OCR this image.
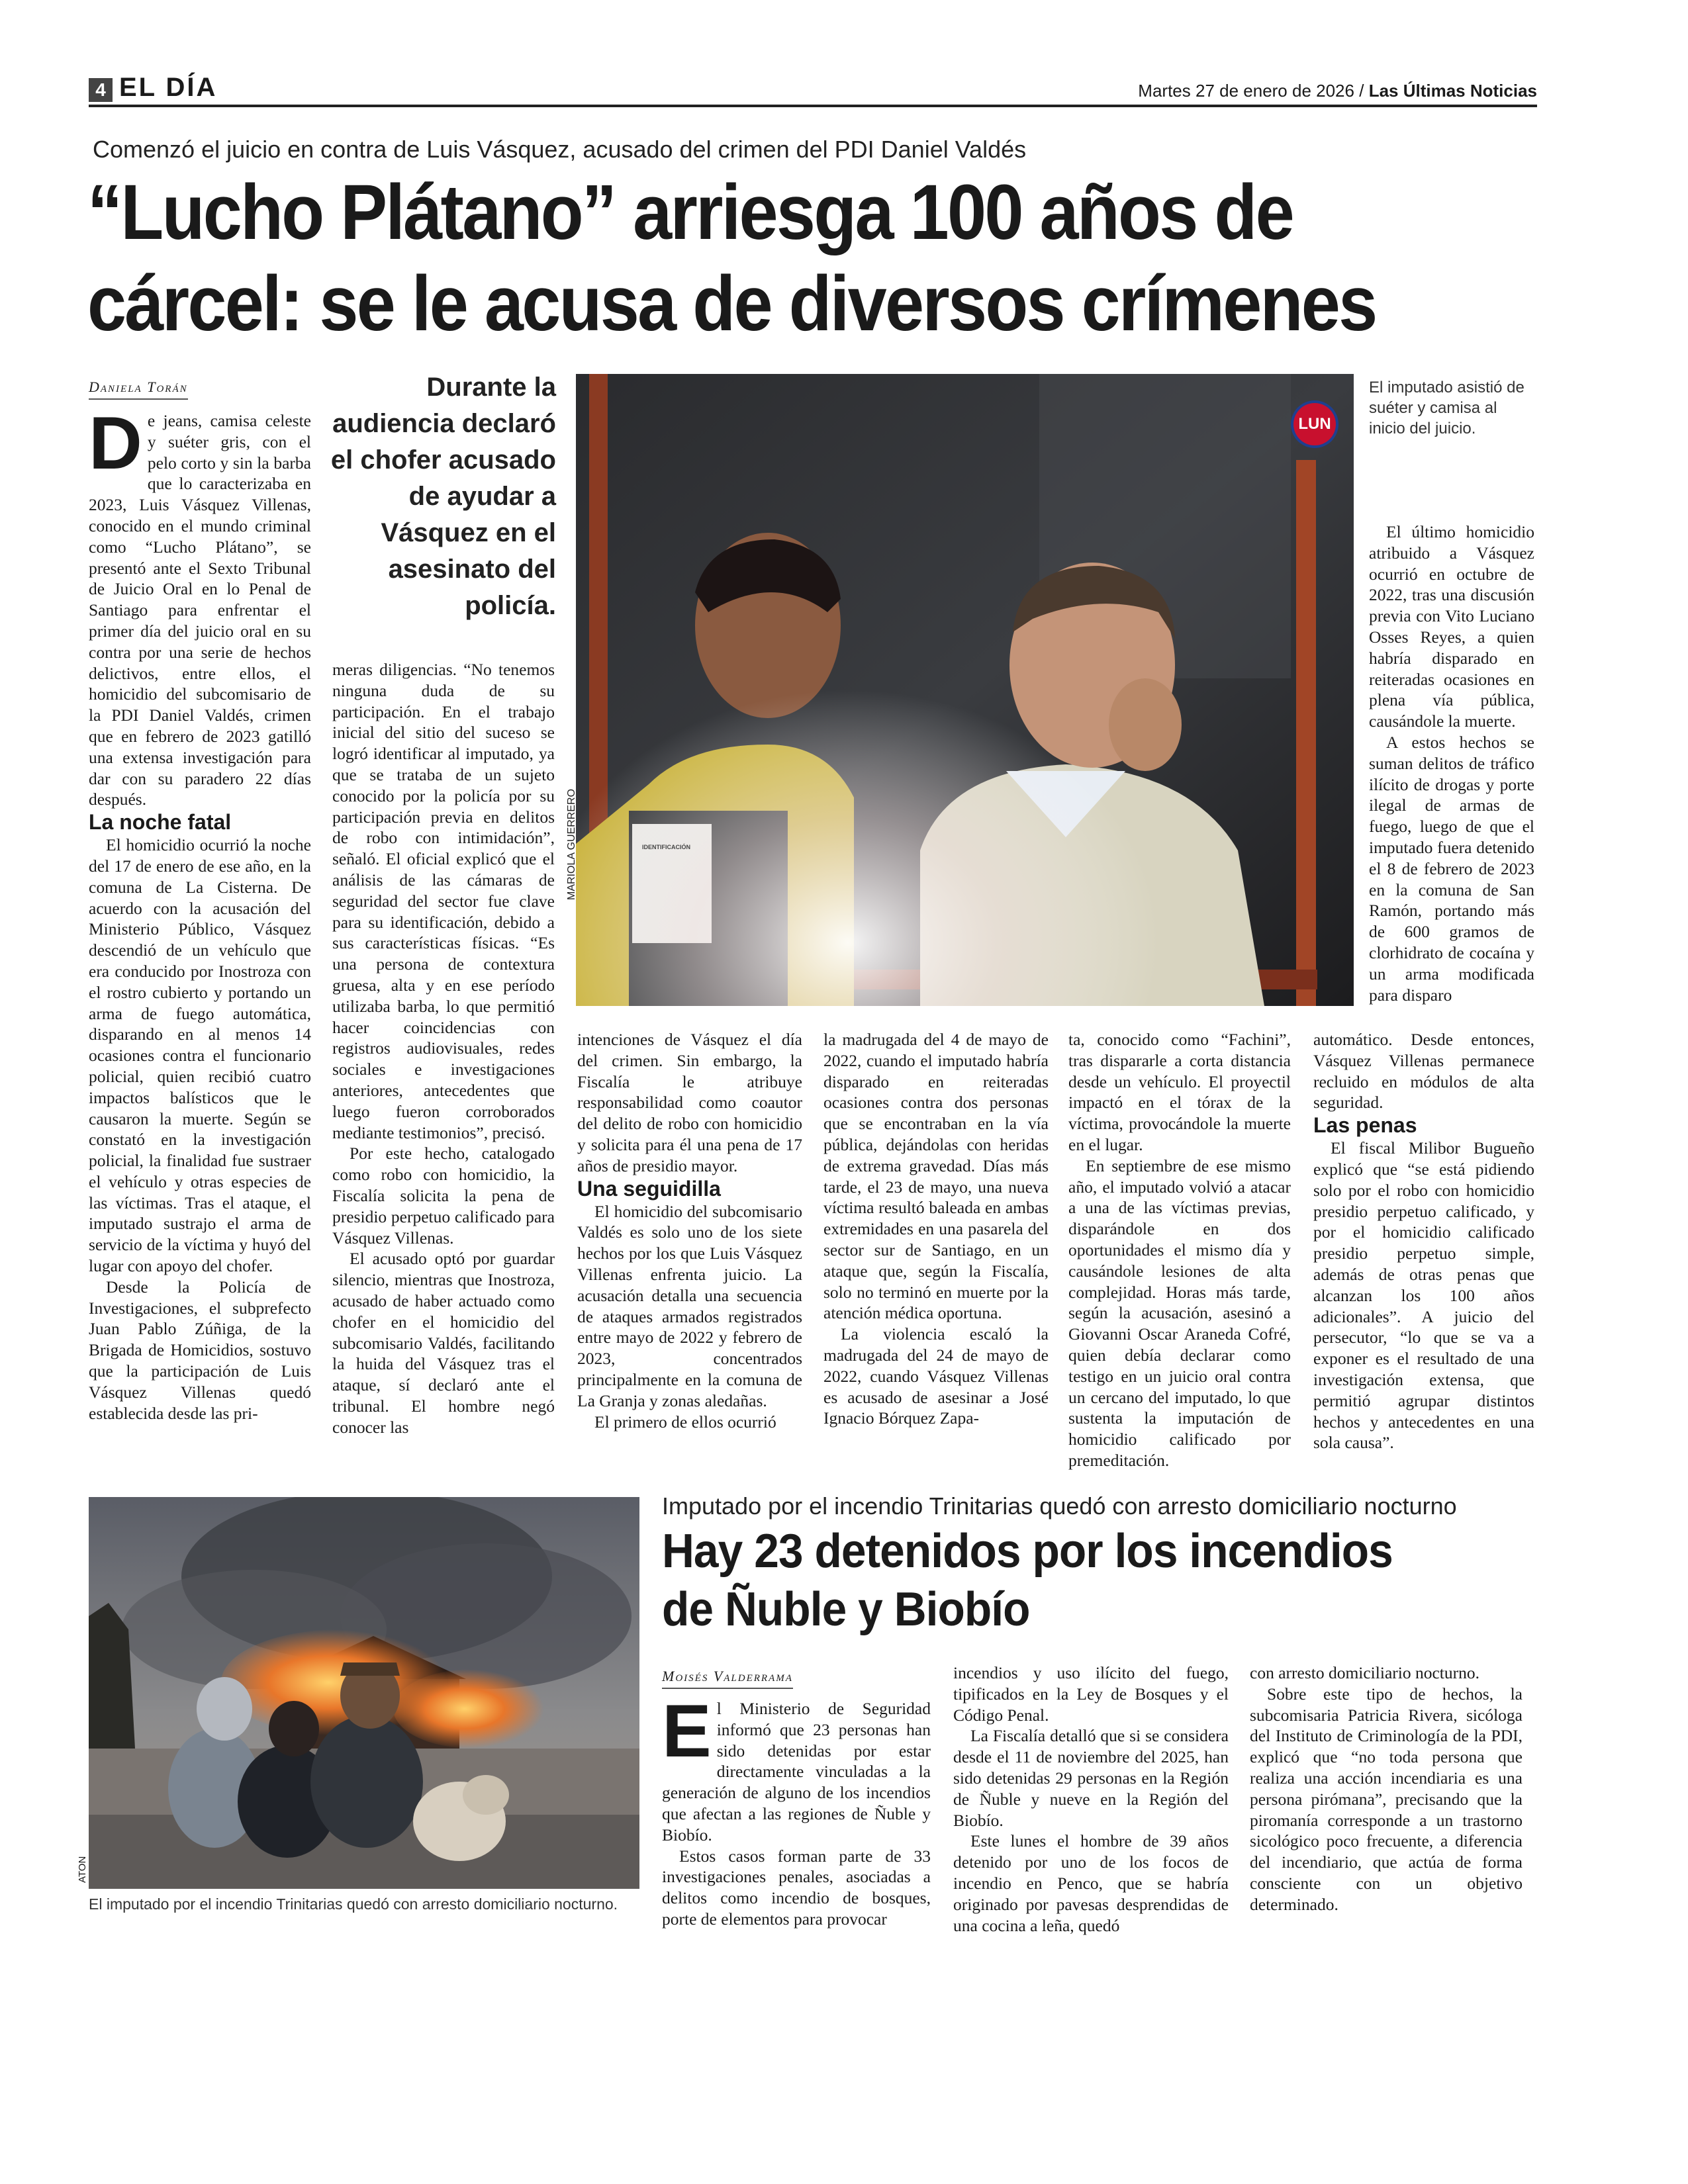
4 EL DÍA	Martes 27 de enero de 2026 / Las Últimas Noticias
Comenzó el juicio en contra de Luis Vásquez, acusado del crimen del PDI Daniel Valdés
“Lucho Plátano” arriesga 100 años de cárcel: se le acusa de diversos crímenes
Daniela Torán
D e jeans, camisa celeste y suéter gris, con el pelo corto y sin la barba que lo caracterizaba en 2023, Luis Vásquez Villenas, conocido en el mundo criminal como “Lucho Plátano”, se presentó ante el Sexto Tribunal de Juicio Oral en lo Penal de Santiago para enfrentar el primer día del juicio oral en su contra por una serie de hechos delictivos, entre ellos, el homicidio del subcomisario de la PDI Daniel Valdés, crimen que en febrero de 2023 gatilló una extensa investigación para dar con su paradero 22 días después.

La noche fatal

El homicidio ocurrió la noche del 17 de enero de ese año, en la comuna de La Cisterna. De acuerdo con la acusación del Ministerio Público, Vásquez descendió de un vehículo que era conducido por Inostroza con el rostro cubierto y portando un arma de fuego automática, disparando en al menos 14 ocasiones contra el funcionario policial, quien recibió cuatro impactos balísticos que le causaron la muerte. Según se constató en la investigación policial, la finalidad fue sustraer el vehículo y otras especies de las víctimas. Tras el ataque, el imputado sustrajo el arma de servicio de la víctima y huyó del lugar con apoyo del chofer.

Desde la Policía de Investigaciones, el subprefecto Juan Pablo Zúñiga, de la Brigada de Homicidios, sostuvo que la participación de Luis Vásquez Villenas quedó establecida desde las pri-

Durante la audiencia declaró el chofer acusado de ayudar a Vásquez en el asesinato del policía.

meras diligencias. “No tenemos ninguna duda de su participación. En el trabajo inicial del sitio del suceso se logró identificar al imputado, ya que se trataba de un sujeto conocido por la policía por su participación previa en delitos de robo con intimidación”, señaló. El oficial explicó que el análisis de las cámaras de seguridad del sector fue clave para su identificación, debido a sus características físicas. “Es una persona de contextura gruesa, alta y en ese período utilizaba barba, lo que permitió hacer coincidencias con registros audiovisuales, redes sociales e investigaciones anteriores, antecedentes que luego fueron corroborados mediante testimonios”, precisó.

Por este hecho, catalogado como robo con homicidio, la Fiscalía solicita la pena de presidio perpetuo calificado para Vásquez Villenas.

El acusado optó por guardar silencio, mientras que Inostroza, acusado de haber actuado como chofer en el homicidio del subcomisario Valdés, facilitando la huida del Vásquez tras el ataque, sí declaró ante el tribunal. El hombre negó conocer las

LUN
IDENTIFICACIÓN
MARIOLA GUERRERO
El imputado asistió de suéter y camisa al inicio del juicio.

intenciones de Vásquez el día del crimen. Sin embargo, la Fiscalía le atribuye responsabilidad como coautor del delito de robo con homicidio y solicita para él una pena de 17 años de presidio mayor.

Una seguidilla

El homicidio del subcomisario Valdés es solo uno de los siete hechos por los que Luis Vásquez Villenas enfrenta juicio. La acusación detalla una secuencia de ataques armados registrados entre mayo de 2022 y febrero de 2023, concentrados principalmente en la comuna de La Granja y zonas aledañas.

El primero de ellos ocurrió

la madrugada del 4 de mayo de 2022, cuando el imputado habría disparado en reiteradas ocasiones contra dos personas que se encontraban en la vía pública, dejándolas con heridas de extrema gravedad. Días más tarde, el 23 de mayo, una nueva víctima resultó baleada en ambas extremidades en una pasarela del sector sur de Santiago, en un ataque que, según la Fiscalía, solo no terminó en muerte por la atención médica oportuna.

La violencia escaló la madrugada del 24 de mayo de 2022, cuando Vásquez Villenas es acusado de asesinar a José Ignacio Bórquez Zapa-

ta, conocido como “Fachini”, tras dispararle a corta distancia desde un vehículo. El proyectil impactó en el tórax de la víctima, provocándole la muerte en el lugar.

En septiembre de ese mismo año, el imputado volvió a atacar a una de las víctimas previas, disparándole en dos oportunidades el mismo día y causándole lesiones de alta complejidad. Horas más tarde, según la acusación, asesinó a Giovanni Oscar Araneda Cofré, quien debía declarar como testigo en un juicio oral contra un cercano del imputado, lo que sustenta la imputación de homicidio calificado por premeditación.

El último homicidio atribuido a Vásquez ocurrió en octubre de 2022, tras una discusión previa con Vito Luciano Osses Reyes, a quien habría disparado en reiteradas ocasiones en plena vía pública, causándole la muerte.

A estos hechos se suman delitos de tráfico ilícito de drogas y porte ilegal de armas de fuego, luego de que el imputado fuera detenido el 8 de febrero de 2023 en la comuna de San Ramón, portando más de 600 gramos de clorhidrato de cocaína y un arma modificada para disparo

automático. Desde entonces, Vásquez Villenas permanece recluido en módulos de alta seguridad.

Las penas

El fiscal Milibor Bugueño explicó que “se está pidiendo solo por el robo con homicidio presidio perpetuo calificado, y por el homicidio calificado presidio perpetuo simple, además de otras penas que alcanzan los 100 años adicionales”. A juicio del persecutor, “lo que se va a exponer es el resultado de una investigación extensa, que permitió agrupar distintos hechos y antecedentes en una sola causa”.

ATON
El imputado por el incendio Trinitarias quedó con arresto domiciliario nocturno.
Imputado por el incendio Trinitarias quedó con arresto domiciliario nocturno
Hay 23 detenidos por los incendios de Ñuble y Biobío
Moisés Valderrama
E l Ministerio de Seguridad informó que 23 personas han sido detenidas por estar directamente vinculadas a la generación de alguno de los incendios que afectan a las regiones de Ñuble y Biobío.

Estos casos forman parte de 33 investigaciones penales, asociadas a delitos como incendio de bosques, porte de elementos para provocar

incendios y uso ilícito del fuego, tipificados en la Ley de Bosques y el Código Penal.

La Fiscalía detalló que si se considera desde el 11 de noviembre del 2025, han sido detenidas 29 personas en la Región de Ñuble y nueve en la Región del Biobío.

Este lunes el hombre de 39 años detenido por uno de los focos de incendio en Penco, que se habría originado por pavesas desprendidas de una cocina a leña, quedó

con arresto domiciliario nocturno.

Sobre este tipo de hechos, la subcomisaria Patricia Rivera, sicóloga del Instituto de Criminología de la PDI, explicó que “no toda persona que realiza una acción incendiaria es una persona pirómana”, precisando que la piromanía corresponde a un trastorno sicológico poco frecuente, a diferencia del incendiario, que actúa de forma consciente con un objetivo determinado.
